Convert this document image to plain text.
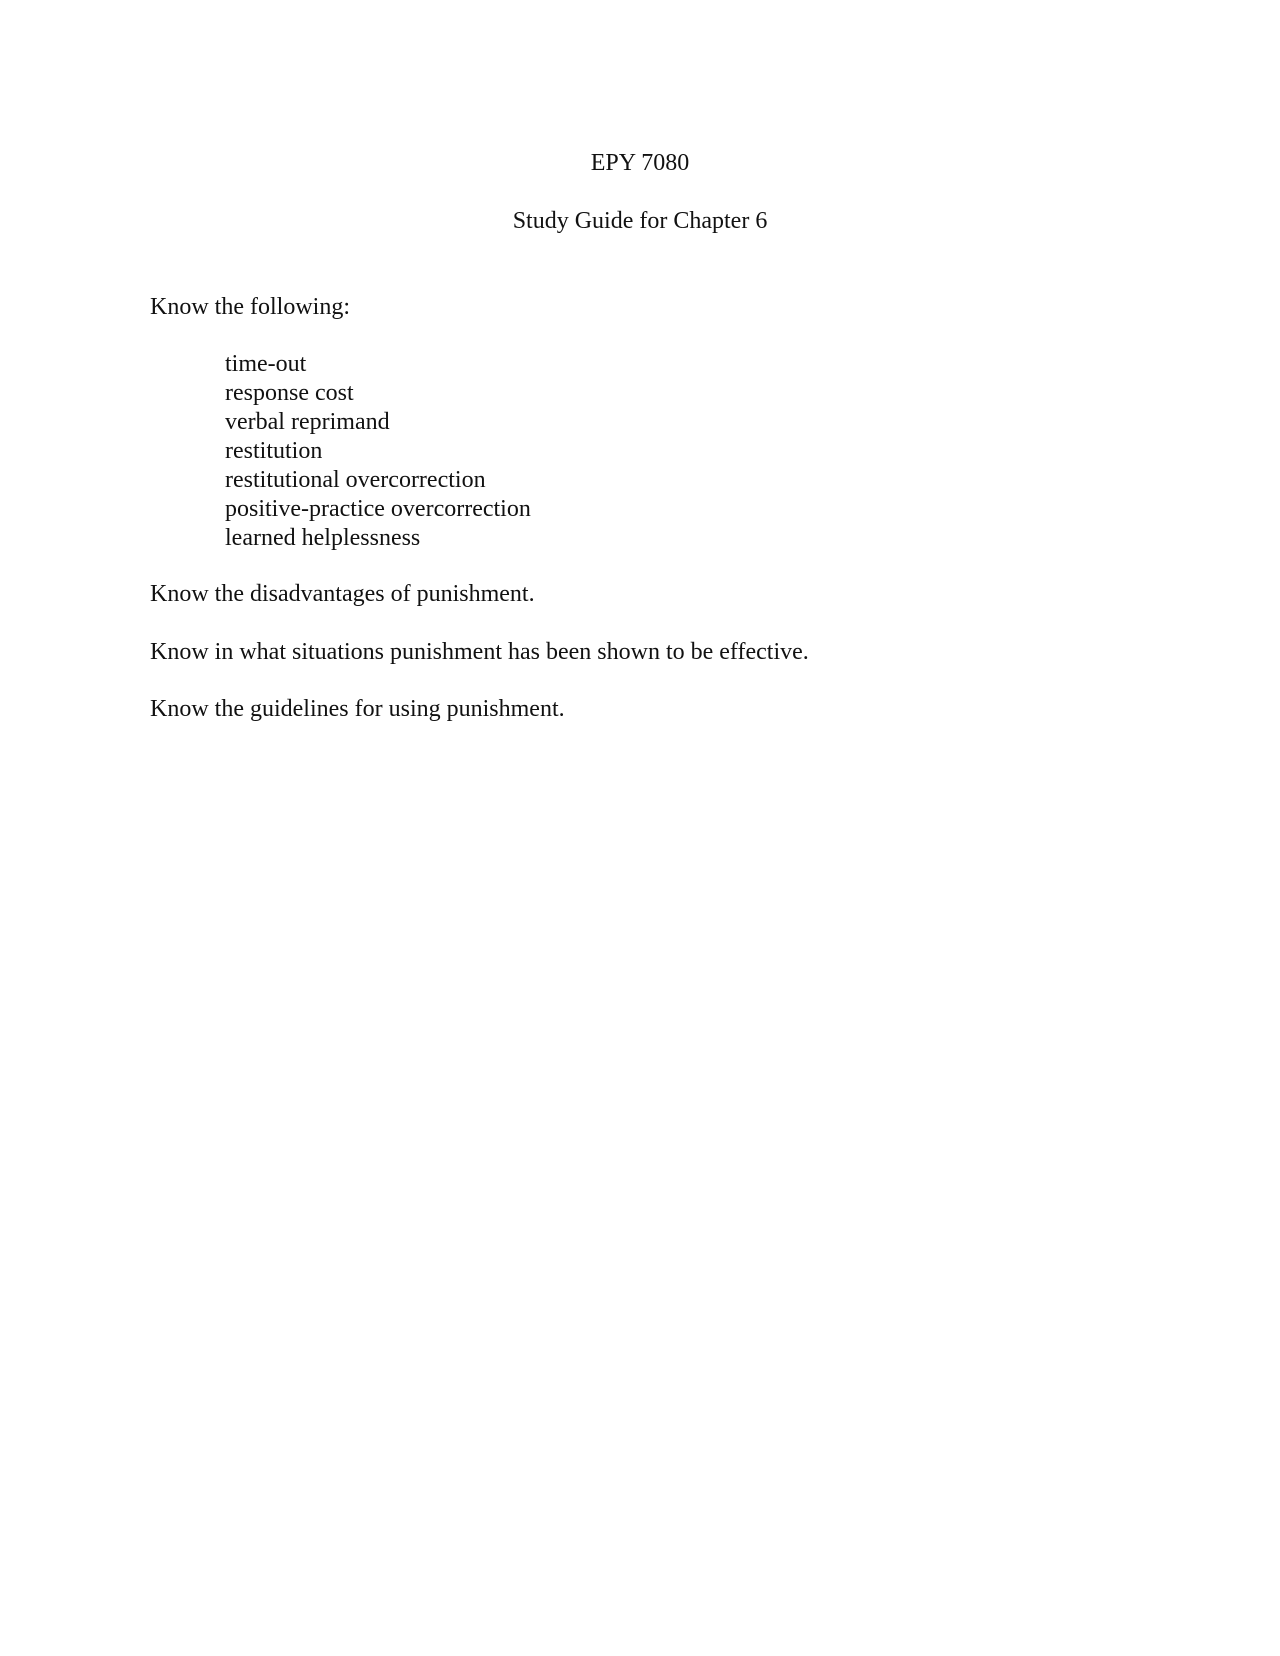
EPY 7080
Study Guide for Chapter 6
Know the following:
time-out
response cost
verbal reprimand
restitution
restitutional overcorrection
positive-practice overcorrection
learned helplessness
Know the disadvantages of punishment.
Know in what situations punishment has been shown to be effective.
Know the guidelines for using punishment.
